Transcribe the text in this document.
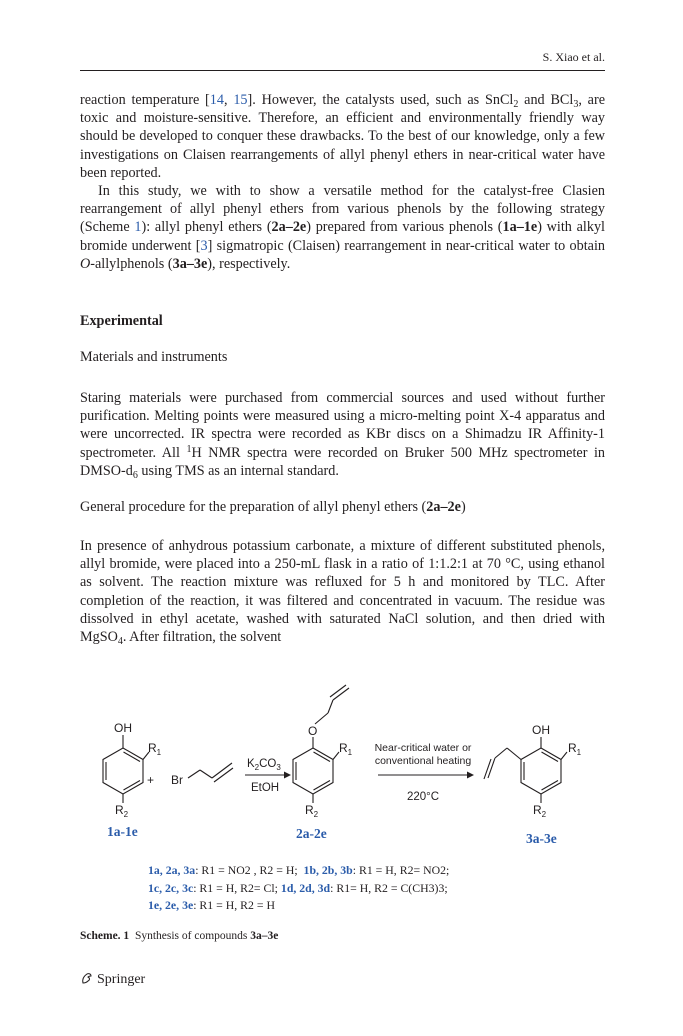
S. Xiao et al.

reaction temperature [14, 15]. However, the catalysts used, such as SnCl$_2$ and BCl$_3$, are toxic and moisture-sensitive. Therefore, an efficient and environmentally friendly way should be developed to conquer these drawbacks. To the best of our knowledge, only a few investigations on Claisen rearrangements of allyl phenyl ethers in near-critical water have been reported.

In this study, we with to show a versatile method for the catalyst-free Clasien rearrangement of allyl phenyl ethers from various phenols by the following strategy (Scheme 1): allyl phenyl ethers (2a–2e) prepared from various phenols (1a–1e) with alkyl bromide underwent [3] sigmatropic (Claisen) rearrangement in near-critical water to obtain O-allylphenols (3a–3e), respectively.

Experimental

Materials and instruments

Staring materials were purchased from commercial sources and used without further purification. Melting points were measured using a micro-melting point X-4 apparatus and were uncorrected. IR spectra were recorded as KBr discs on a Shimadzu IR Affinity-1 spectrometer. All $^1$H NMR spectra were recorded on Bruker 500 MHz spectrometer in DMSO-$d_6$ using TMS as an internal standard.

General procedure for the preparation of allyl phenyl ethers (2a–2e)

In presence of anhydrous potassium carbonate, a mixture of different substituted phenols, allyl bromide, were placed into a 250-mL flask in a ratio of 1:1.2:1 at 70 °C, using ethanol as solvent. The reaction mixture was refluxed for 5 h and monitored by TLC. After completion of the reaction, it was filtered and concentrated in vacuum. The residue was dissolved in ethyl acetate, washed with saturated NaCl solution, and then dried with MgSO$_4$. After filtration, the solvent

OH
$R_1$
$R_2$
+ Br
$K_2CO_3$
EtOH
O
$R_1$
$R_2$
Near-critical water or
conventional heating
220°C
OH
$R_1$
$R_2$
1a-1e	2a-2e	3a-3e
1a, 2a, 3a: R1 = NO2 , R2 = H; 1b, 2b, 3b: R1 = H, R2= NO2;
1c, 2c, 3c: R1 = H, R2= Cl; 1d, 2d, 3d: R1= H, R2 = C(CH3)3;
1e, 2e, 3e: R1 = H, R2 = H
Scheme. 1 Synthesis of compounds 3a–3e
Springer
